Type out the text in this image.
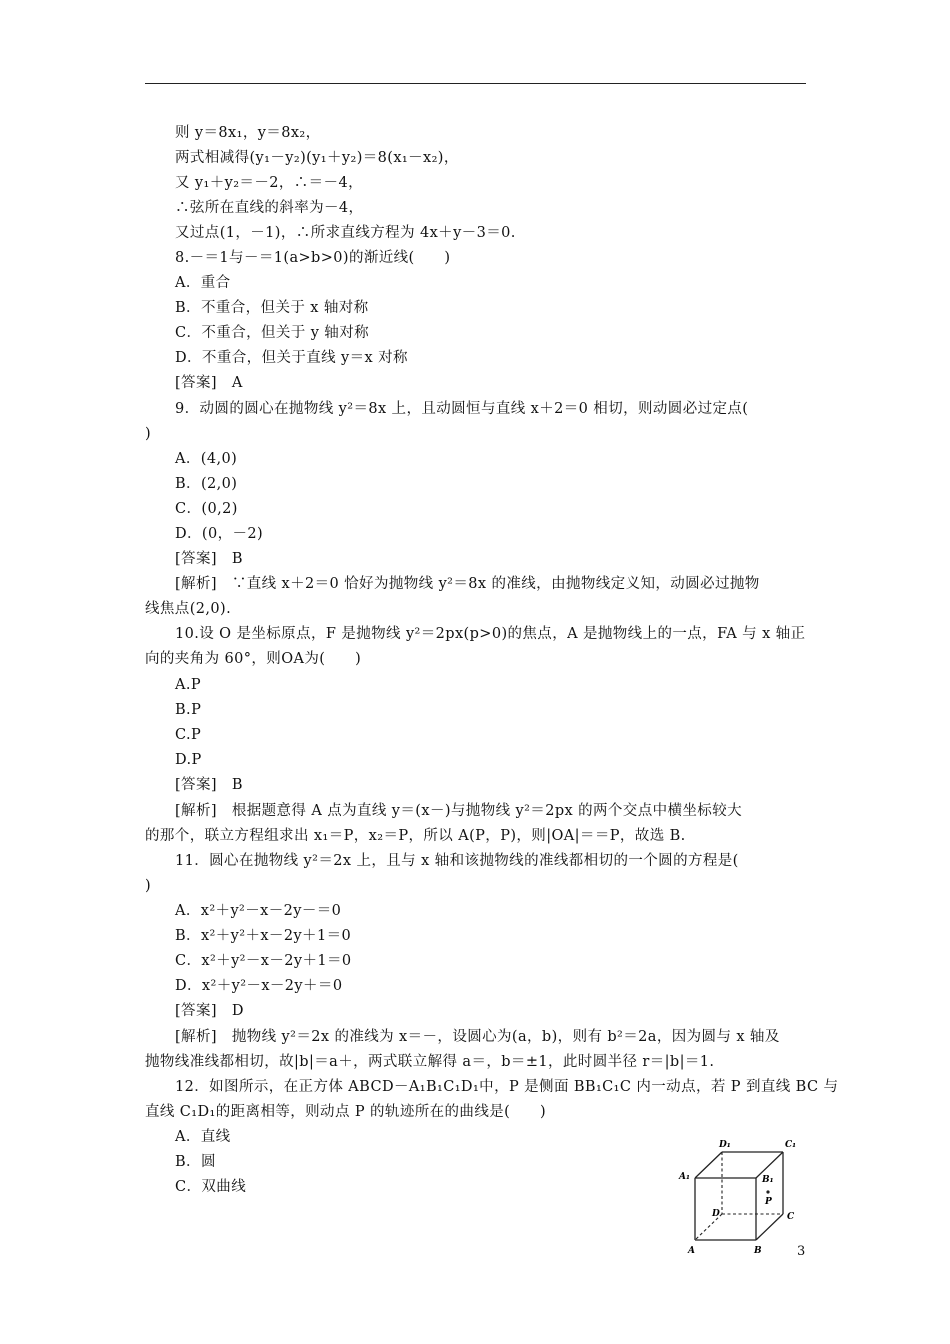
则 y＝8x₁，y＝8x₂，
两式相减得(y₁－y₂)(y₁＋y₂)＝8(x₁－x₂)，
又 y₁＋y₂＝－2，∴＝－4，
∴弦所在直线的斜率为－4，
又过点(1，－1)，∴所求直线方程为 4x＋y－3＝0.
8.－＝1与－＝1(a>b>0)的渐近线(　　)
A．重合
B．不重合，但关于 x 轴对称
C．不重合，但关于 y 轴对称
D．不重合，但关于直线 y＝x 对称
[答案]　A
9．动圆的圆心在抛物线 y²＝8x 上，且动圆恒与直线 x＋2＝0 相切，则动圆必过定点(
)
A．(4,0)
B．(2,0)
C．(0,2)
D．(0，－2)
[答案]　B
[解析]　∵直线 x＋2＝0 恰好为抛物线 y²＝8x 的准线，由抛物线定义知，动圆必过抛物
线焦点(2,0).
10.设 O 是坐标原点，F 是抛物线 y²＝2px(p>0)的焦点，A 是抛物线上的一点，FA 与 x 轴正
向的夹角为 60°，则OA为(　　)
A.P
B.P
C.P
D.P
[答案]　B
[解析]　根据题意得 A 点为直线 y＝(x－)与抛物线 y²＝2px 的两个交点中横坐标较大
的那个，联立方程组求出 x₁＝P，x₂＝P，所以 A(P，P)，则|OA|＝＝P，故选 B.
11．圆心在抛物线 y²＝2x 上，且与 x 轴和该抛物线的准线都相切的一个圆的方程是(
)
A．x²＋y²－x－2y－＝0
B．x²＋y²＋x－2y＋1＝0
C．x²＋y²－x－2y＋1＝0
D．x²＋y²－x－2y＋＝0
[答案]　D
[解析]　抛物线 y²＝2x 的准线为 x＝－，设圆心为(a，b)，则有 b²＝2a，因为圆与 x 轴及
抛物线准线都相切，故|b|＝a＋，两式联立解得 a＝，b＝±1，此时圆半径 r＝|b|＝1.
12．如图所示，在正方体 ABCD－A₁B₁C₁D₁中，P 是侧面 BB₁C₁C 内一动点，若 P 到直线 BC 与
直线 C₁D₁的距离相等，则动点 P 的轨迹所在的曲线是(　　)
A．直线
B．圆
C．双曲线
D₁	C₁
A₁	B₁
P
D	C
A	B	3
